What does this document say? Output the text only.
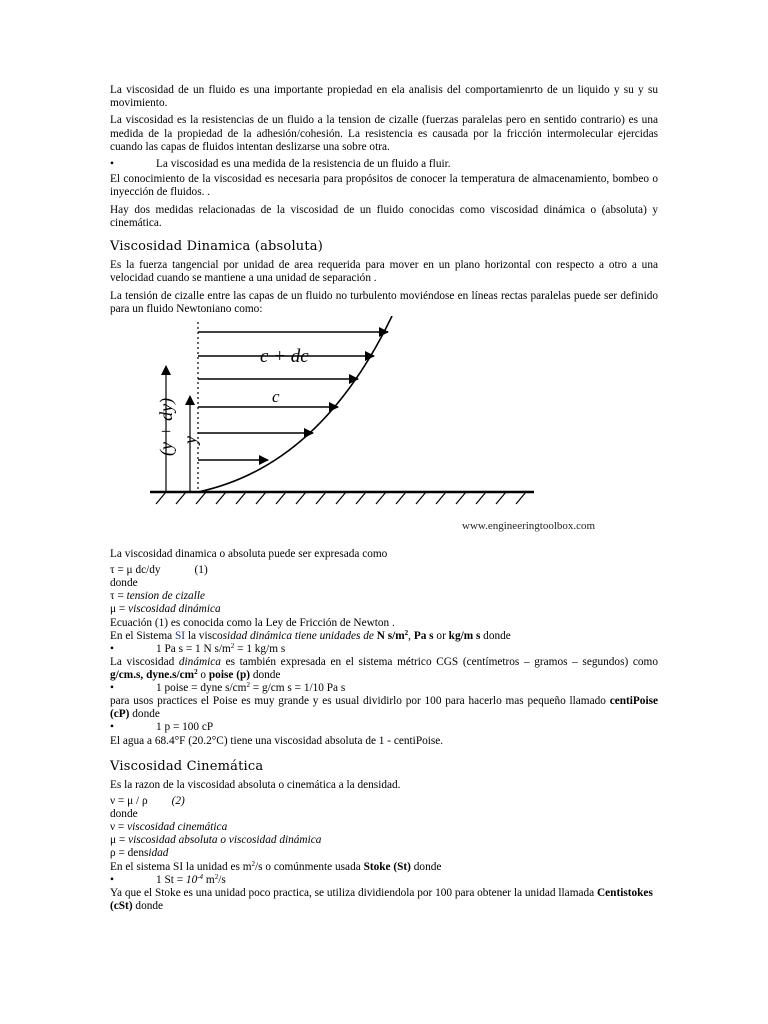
La viscosidad de un fluido es una importante propiedad en ela analisis del comportamienrto de un liquido y su y su movimiento.

La viscosidad es la resistencias de un fluido a la tension de cizalle (fuerzas paralelas pero en sentido contrario) es una medida de la propiedad de la adhesión/cohesión. La resistencia es causada por la fricción intermolecular ejercidas cuando las capas de fluidos intentan deslizarse una sobre otra.

•	La viscosidad es una medida de la resistencia de un fluido a fluir.

El conocimiento de la viscosidad es necesaria para propósitos de conocer la temperatura de almacenamiento, bombeo o inyección de fluidos. .

Hay dos medidas relacionadas de la viscosidad de un fluido conocidas como viscosidad dinámica o (absoluta) y cinemática.

Viscosidad Dinamica (absoluta)

Es la fuerza tangencial por unidad de area requerida para mover en un plano horizontal con respecto a otro a una velocidad cuando se mantiene a una unidad de separación .

La tensión de cizalle entre las capas de un fluido no turbulento moviéndose en líneas rectas paralelas puede ser definido para un fluido Newtoniano como:

c + dc
c
y
(y + dy)
www.engineeringtoolbox.com

La viscosidad dinamica o absoluta puede ser expresada como

τ = μ dc/dy	(1)

donde

τ = tension de cizalle

μ = viscosidad dinámica

Ecuación (1) es conocida como la Ley de Fricción de Newton .

En el Sistema SI la viscosidad dinámica tiene unidades de N $s/m^2$, Pa s or kg/m s donde

•	1 Pa s = 1 N $s/m^2 = 1$ kg/m s

La viscosidad dinámica es también expresada en el sistema métrico CGS (centímetros – gramos – segundos) como g/cm.s, $dyne.s/cm^2$ o poise (p) donde

•	1 poise = dyne $s/cm^2 = g/cm$ s = 1/10 Pa s

para usos practices el Poise es muy grande y es usual dividirlo por 100 para hacerlo mas pequeño llamado centiPoise (cP) donde

•	1 p = 100 cP

El agua a 68.4°F (20.2°C) tiene una viscosidad absoluta de 1 - centiPoise.

Viscosidad Cinemática

Es la razon de la viscosidad absoluta o cinemática a la densidad.

ν = μ / ρ (2)

donde

ν = viscosidad cinemática

μ = viscosidad absoluta o viscosidad dinámica

ρ = densidad

En el sistema SI la unidad es $m^2/s$ o comúnmente usada Stoke (St) donde

•	1 $St = 10^{-4}$ $m^2/s$

Ya que el Stoke es una unidad poco practica, se utiliza dividiendola por 100 para obtener la unidad llamada Centistokes (cSt) donde
